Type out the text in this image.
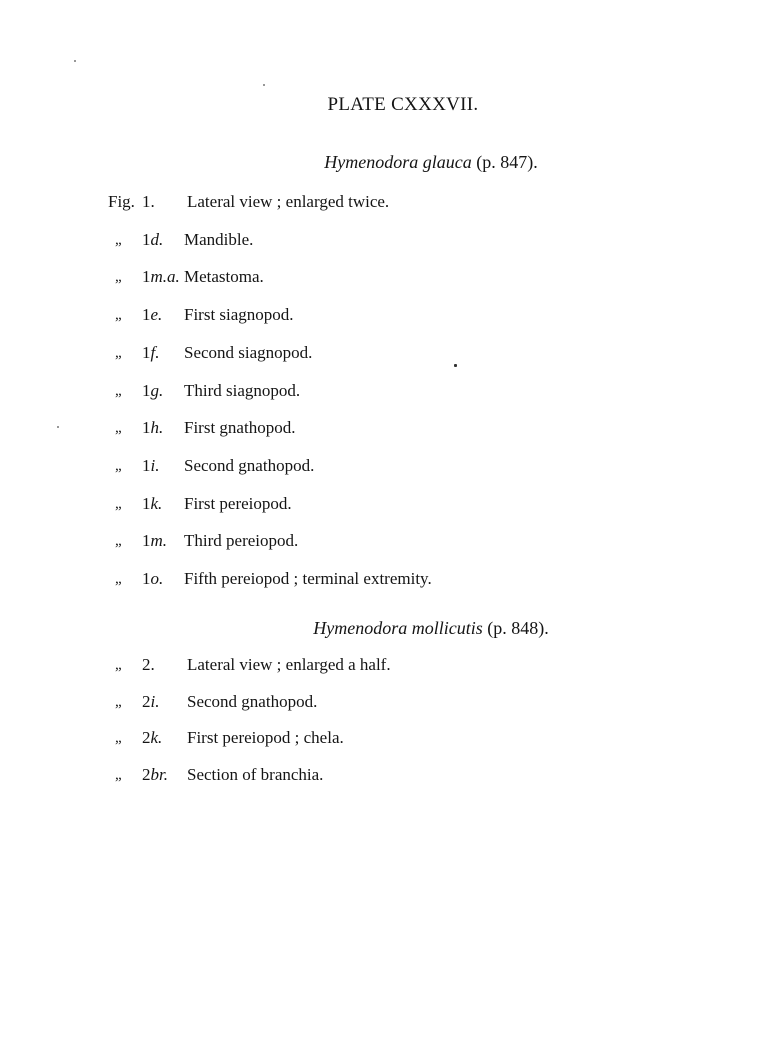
PLATE CXXXVII.
Hymenodora glauca (p. 847).
Fig. 1. Lateral view ; enlarged twice.
„ 1d. Mandible.
„ 1m.a. Metastoma.
„ 1e. First siagnopod.
„ 1f. Second siagnopod.
„ 1g. Third siagnopod.
„ 1h. First gnathopod.
„ 1i. Second gnathopod.
„ 1k. First pereiopod.
„ 1m. Third pereiopod.
„ 1o. Fifth pereiopod ; terminal extremity.
Hymenodora mollicutis (p. 848).
„ 2. Lateral view ; enlarged a half.
„ 2i. Second gnathopod.
„ 2k. First pereiopod ; chela.
„ 2br. Section of branchia.
